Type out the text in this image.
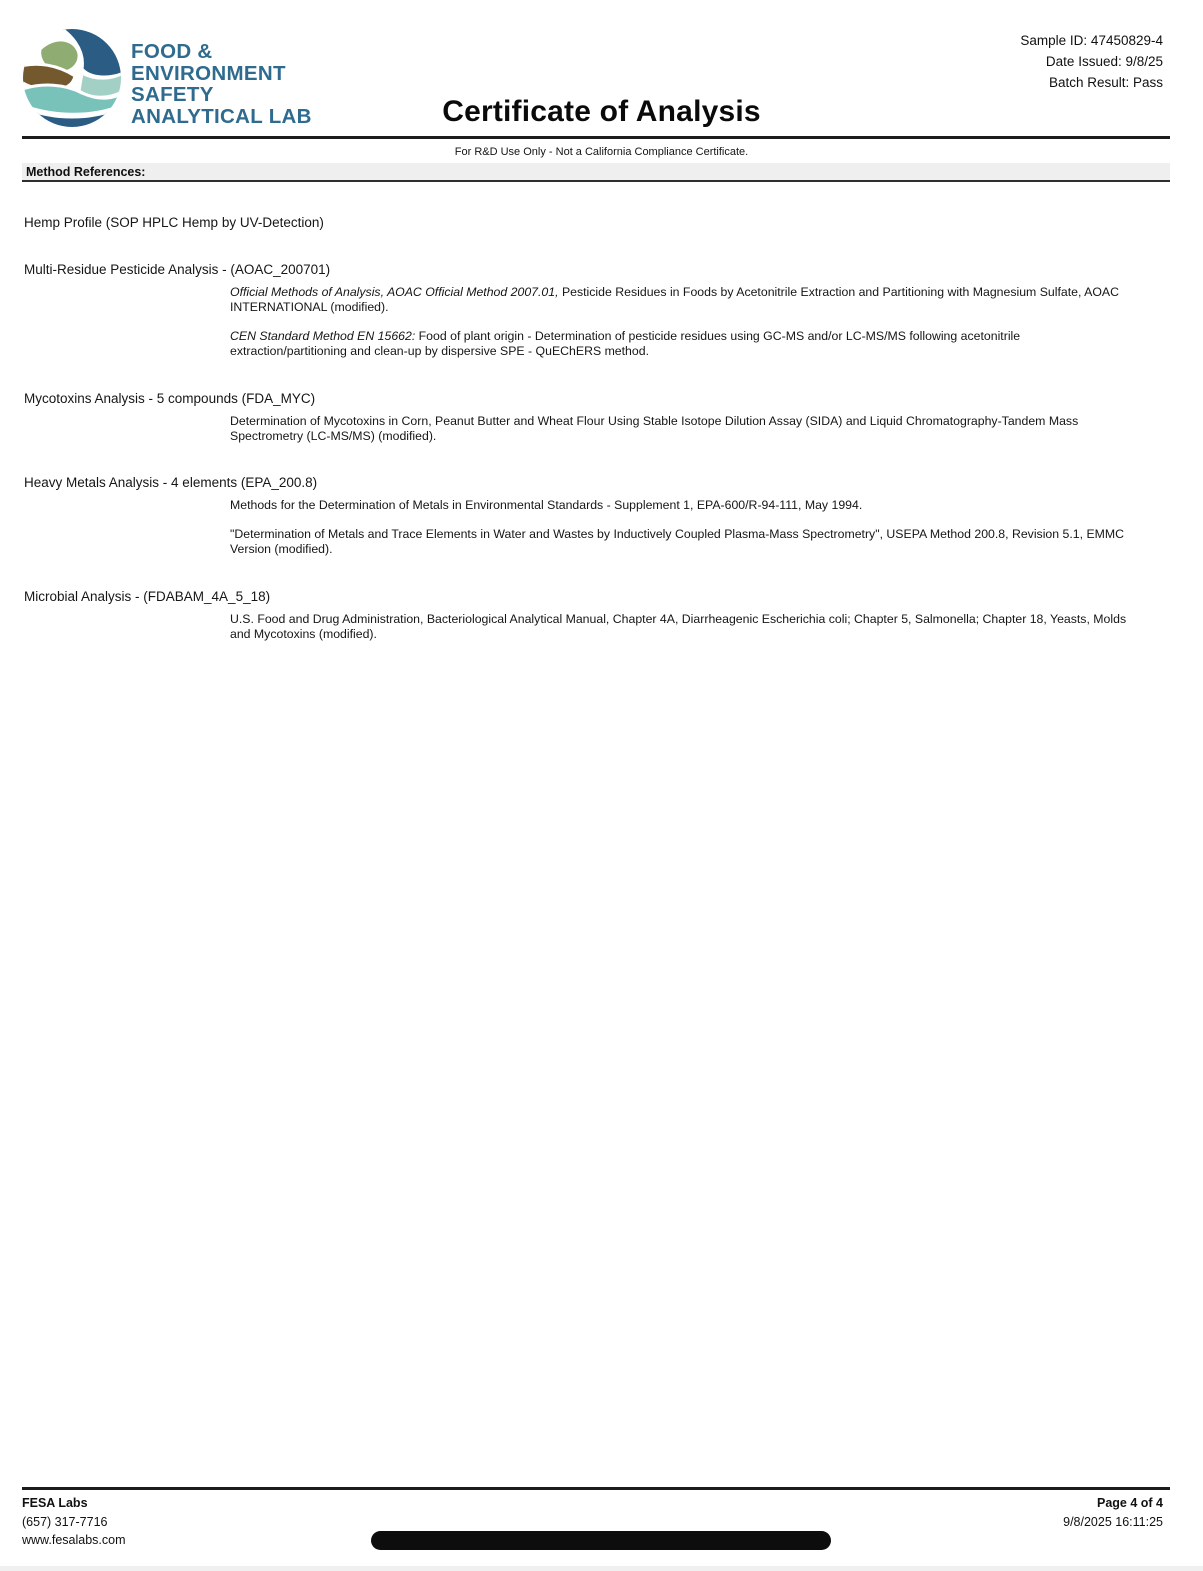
FOOD &
ENVIRONMENT
SAFETY
ANALYTICAL LAB
Sample ID: 47450829-4
Date Issued: 9/8/25
Batch Result: Pass
Certificate of Analysis
For R&D Use Only - Not a California Compliance Certificate.
Method References:
Hemp Profile (SOP HPLC Hemp by UV-Detection)
Multi-Residue Pesticide Analysis - (AOAC_200701)

Official Methods of Analysis, AOAC Official Method 2007.01, Pesticide Residues in Foods by Acetonitrile Extraction and Partitioning with Magnesium Sulfate, AOAC INTERNATIONAL (modified).

CEN Standard Method EN 15662: Food of plant origin - Determination of pesticide residues using GC-MS and/or LC-MS/MS following acetonitrile extraction/partitioning and clean-up by dispersive SPE - QuEChERS method.

Mycotoxins Analysis - 5 compounds (FDA_MYC)

Determination of Mycotoxins in Corn, Peanut Butter and Wheat Flour Using Stable Isotope Dilution Assay (SIDA) and Liquid Chromatography-Tandem Mass Spectrometry (LC-MS/MS) (modified).

Heavy Metals Analysis - 4 elements (EPA_200.8)

Methods for the Determination of Metals in Environmental Standards - Supplement 1, EPA-600/R-94-111, May 1994.

"Determination of Metals and Trace Elements in Water and Wastes by Inductively Coupled Plasma-Mass Spectrometry", USEPA Method 200.8, Revision 5.1, EMMC Version (modified).

Microbial Analysis - (FDABAM_4A_5_18)

U.S. Food and Drug Administration, Bacteriological Analytical Manual, Chapter 4A, Diarrheagenic Escherichia coli; Chapter 5, Salmonella; Chapter 18, Yeasts, Molds and Mycotoxins (modified).

FESA Labs
(657) 317-7716
www.fesalabs.com
Page 4 of 4
9/8/2025 16:11:25
